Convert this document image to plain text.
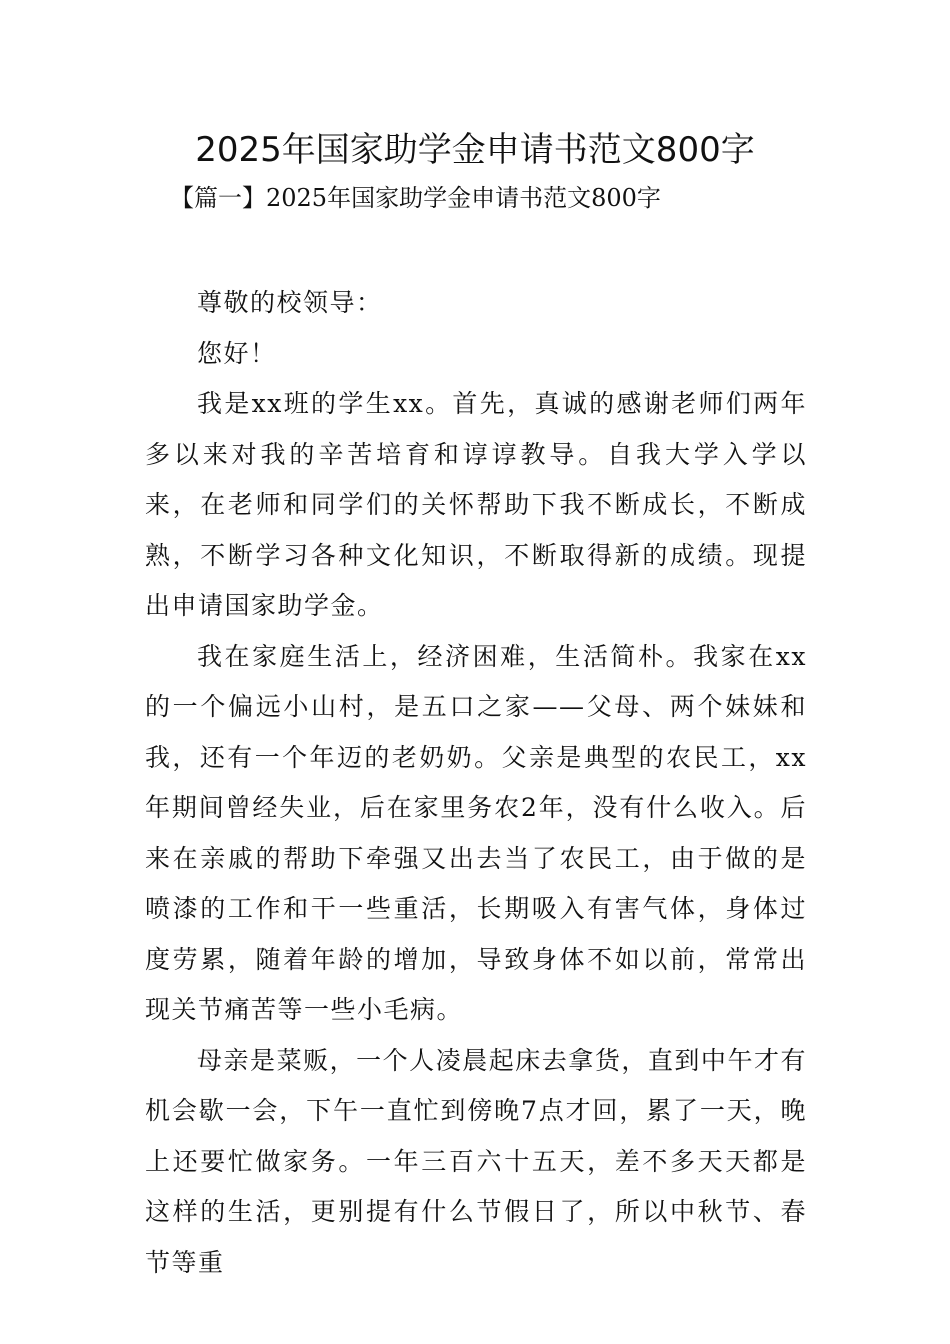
2025年国家助学金申请书范文800字
【篇一】2025年国家助学金申请书范文800字

尊敬的校领导：

您好！

我是xx班的学生xx。首先，真诚的感谢老师们两年多以来对我的辛苦培育和谆谆教导。自我大学入学以来，在老师和同学们的关怀帮助下我不断成长，不断成熟，不断学习各种文化知识，不断取得新的成绩。现提出申请国家助学金。

我在家庭生活上，经济困难，生活简朴。我家在xx的一个偏远小山村，是五口之家——父母、两个妹妹和我，还有一个年迈的老奶奶。父亲是典型的农民工，xx年期间曾经失业，后在家里务农2年，没有什么收入。后来在亲戚的帮助下牵强又出去当了农民工，由于做的是喷漆的工作和干一些重活，长期吸入有害气体，身体过度劳累，随着年龄的增加，导致身体不如以前，常常出现关节痛苦等一些小毛病。

母亲是菜贩，一个人凌晨起床去拿货，直到中午才有机会歇一会，下午一直忙到傍晚7点才回，累了一天，晚上还要忙做家务。一年三百六十五天，差不多天天都是这样的生活，更别提有什么节假日了，所以中秋节、春节等重
